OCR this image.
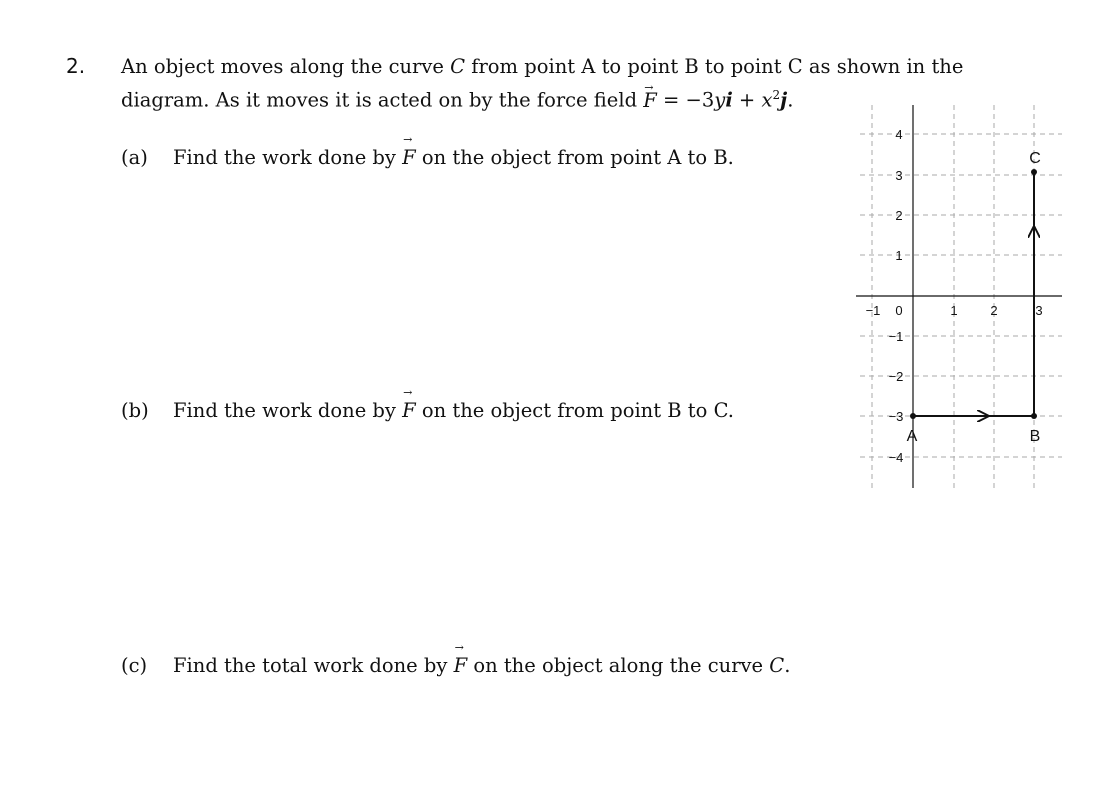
2. An object moves along the curve C from point A to point B to point C as shown in the
diagram. As it moves it is acted on by the force field → $F = -3yi + x^2j$.
(a) Find the work done by → F on the object from point A to B.
(b) Find the work done by → F on the object from point B to C.
(c) Find the total work done by → F on the object along the curve C.
−1 0	1	2	3
4
3
2
1
−1
−2
−3
−4
A	B
C
